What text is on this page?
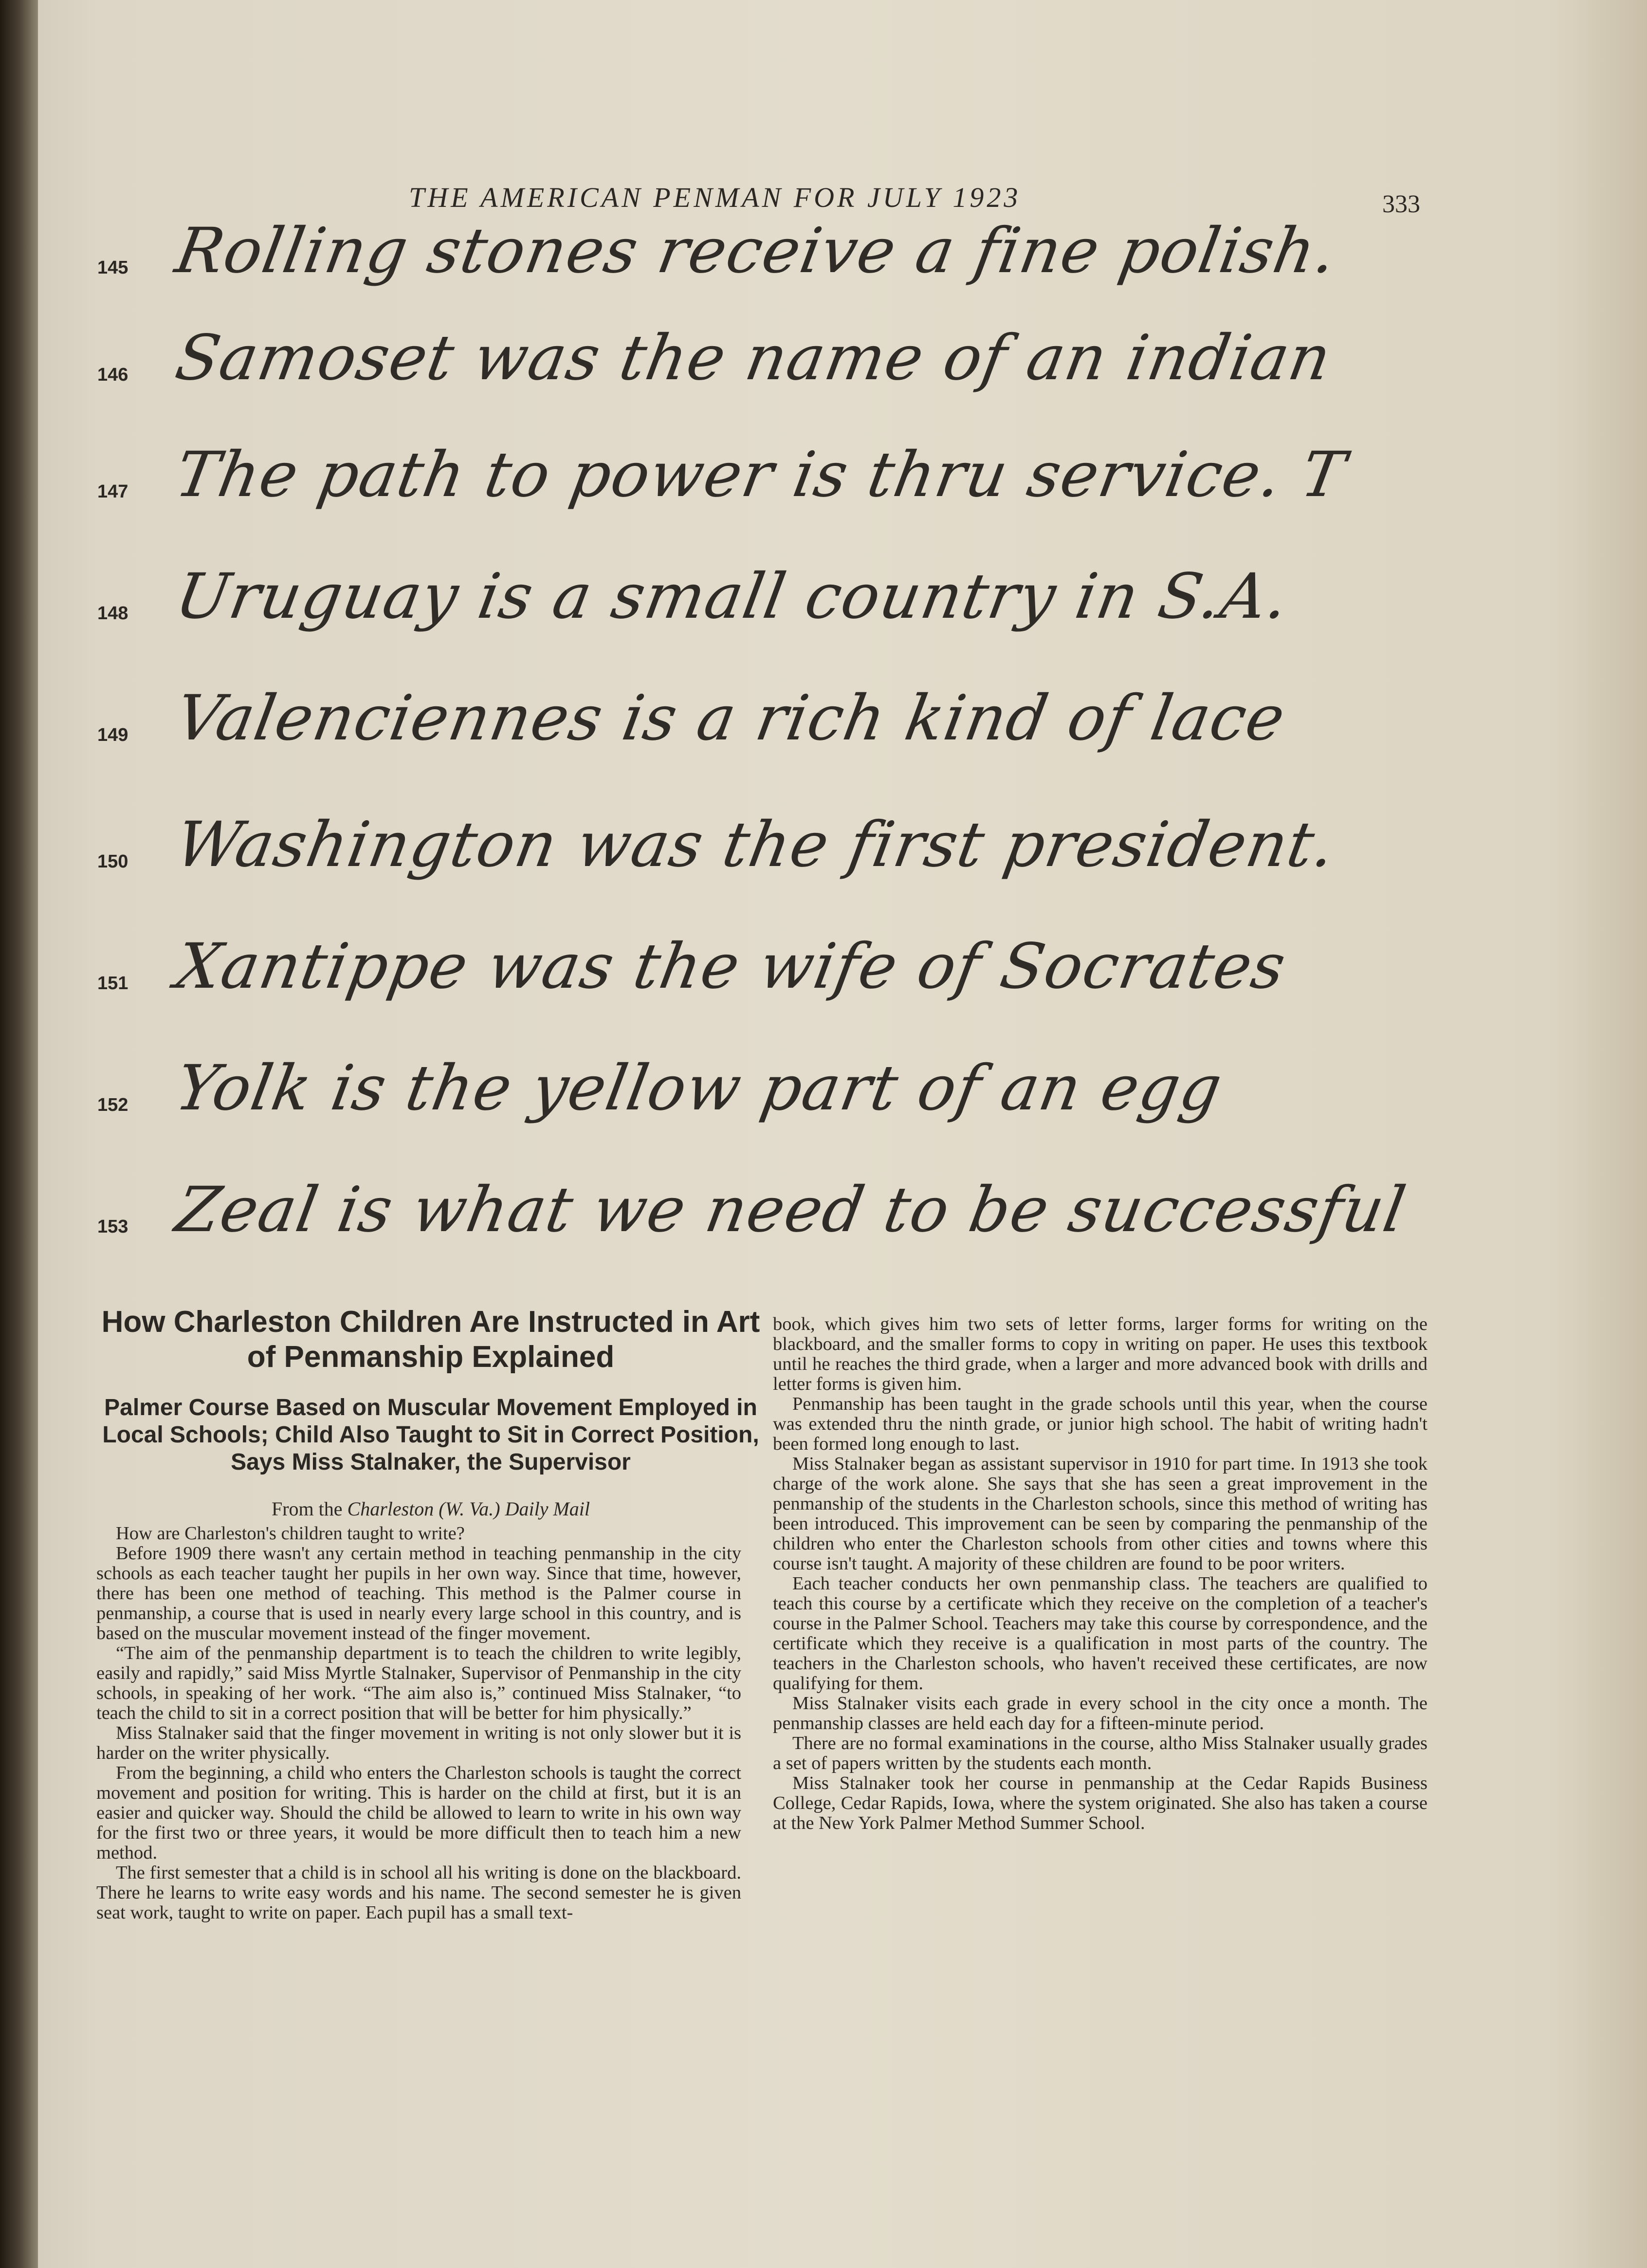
THE AMERICAN PENMAN FOR JULY 1923	333
145 Rolling stones receive a fine polish.
146 Samoset was the name of an indian
147 The path to power is thru service. T
148 Uruguay is a small country in S.A.
149 Valenciennes is a rich kind of lace
150 Washington was the first president.
151 Xantippe was the wife of Socrates
152 Yolk is the yellow part of an egg
153 Zeal is what we need to be successful
How Charleston Children Are Instructed in Art of Penmanship Explained
Palmer Course Based on Muscular Movement Employed in Local Schools; Child Also Taught to Sit in Correct Position, Says Miss Stalnaker, the Supervisor
From the Charleston (W. Va.) Daily Mail

How are Charleston's children taught to write?

Before 1909 there wasn't any certain method in teaching penmanship in the city schools as each teacher taught her pupils in her own way. Since that time, however, there has been one method of teaching. This method is the Palmer course in penmanship, a course that is used in nearly every large school in this country, and is based on the muscular movement instead of the finger movement.

“The aim of the penmanship department is to teach the children to write legibly, easily and rapidly,” said Miss Myrtle Stalnaker, Supervisor of Penmanship in the city schools, in speaking of her work. “The aim also is,” continued Miss Stalnaker, “to teach the child to sit in a correct position that will be better for him physically.”

Miss Stalnaker said that the finger movement in writing is not only slower but it is harder on the writer physically.

From the beginning, a child who enters the Charleston schools is taught the correct movement and position for writing. This is harder on the child at first, but it is an easier and quicker way. Should the child be allowed to learn to write in his own way for the first two or three years, it would be more difficult then to teach him a new method.

The first semester that a child is in school all his writing is done on the blackboard. There he learns to write easy words and his name. The second semester he is given seat work, taught to write on paper. Each pupil has a small text-

book, which gives him two sets of letter forms, larger forms for writing on the blackboard, and the smaller forms to copy in writing on paper. He uses this textbook until he reaches the third grade, when a larger and more advanced book with drills and letter forms is given him.

Penmanship has been taught in the grade schools until this year, when the course was extended thru the ninth grade, or junior high school. The habit of writing hadn't been formed long enough to last.

Miss Stalnaker began as assistant supervisor in 1910 for part time. In 1913 she took charge of the work alone. She says that she has seen a great improvement in the penmanship of the students in the Charleston schools, since this method of writing has been introduced. This improvement can be seen by comparing the penmanship of the children who enter the Charleston schools from other cities and towns where this course isn't taught. A majority of these children are found to be poor writers.

Each teacher conducts her own penmanship class. The teachers are qualified to teach this course by a certificate which they receive on the completion of a teacher's course in the Palmer School. Teachers may take this course by correspondence, and the certificate which they receive is a qualification in most parts of the country. The teachers in the Charleston schools, who haven't received these certificates, are now qualifying for them.

Miss Stalnaker visits each grade in every school in the city once a month. The penmanship classes are held each day for a fifteen-minute period.

There are no formal examinations in the course, altho Miss Stalnaker usually grades a set of papers written by the students each month.

Miss Stalnaker took her course in penmanship at the Cedar Rapids Business College, Cedar Rapids, Iowa, where the system originated. She also has taken a course at the New York Palmer Method Summer School.
